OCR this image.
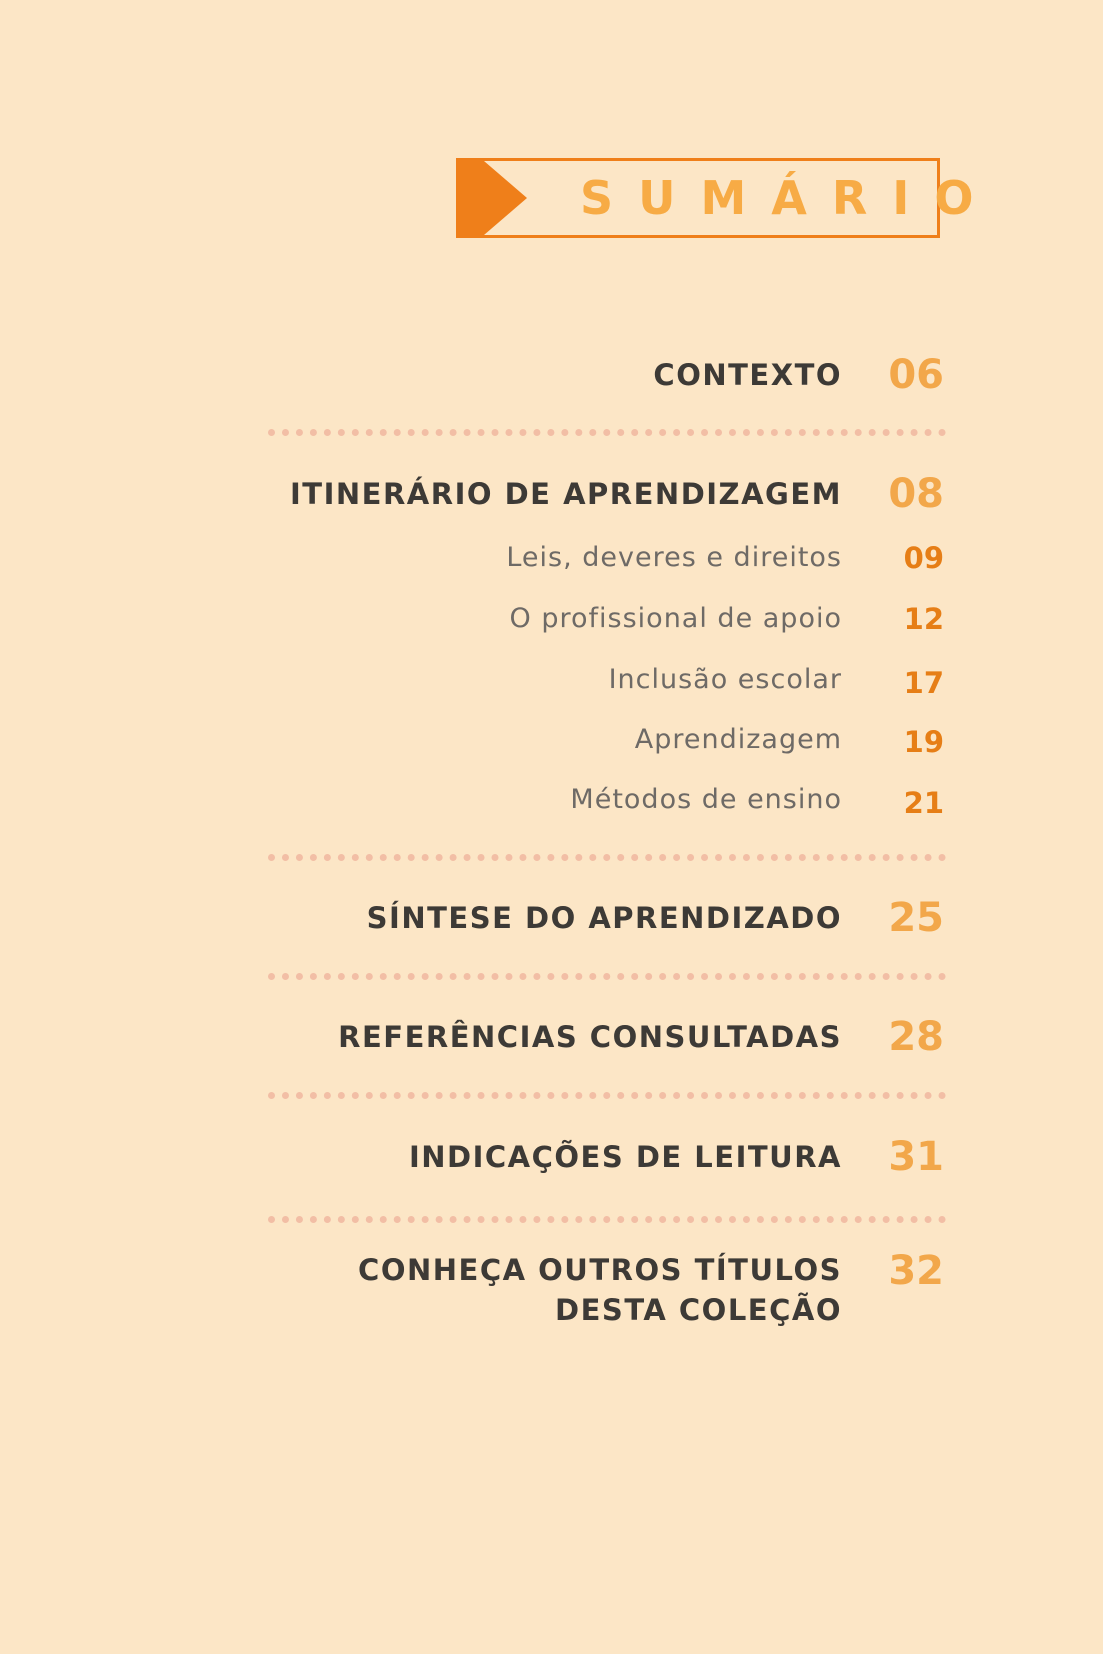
SUMÁRIO
CONTEXTO	06
ITINERÁRIO DE APRENDIZAGEM	08
Leis, deveres e direitos	09
O profissional de apoio	12
Inclusão escolar	17
Aprendizagem	19
Métodos de ensino	21
SÍNTESE DO APRENDIZADO	25
REFERÊNCIAS CONSULTADAS	28
INDICAÇÕES DE LEITURA	31
CONHEÇA OUTROS TÍTULOS
DESTA COLEÇÃO
32
